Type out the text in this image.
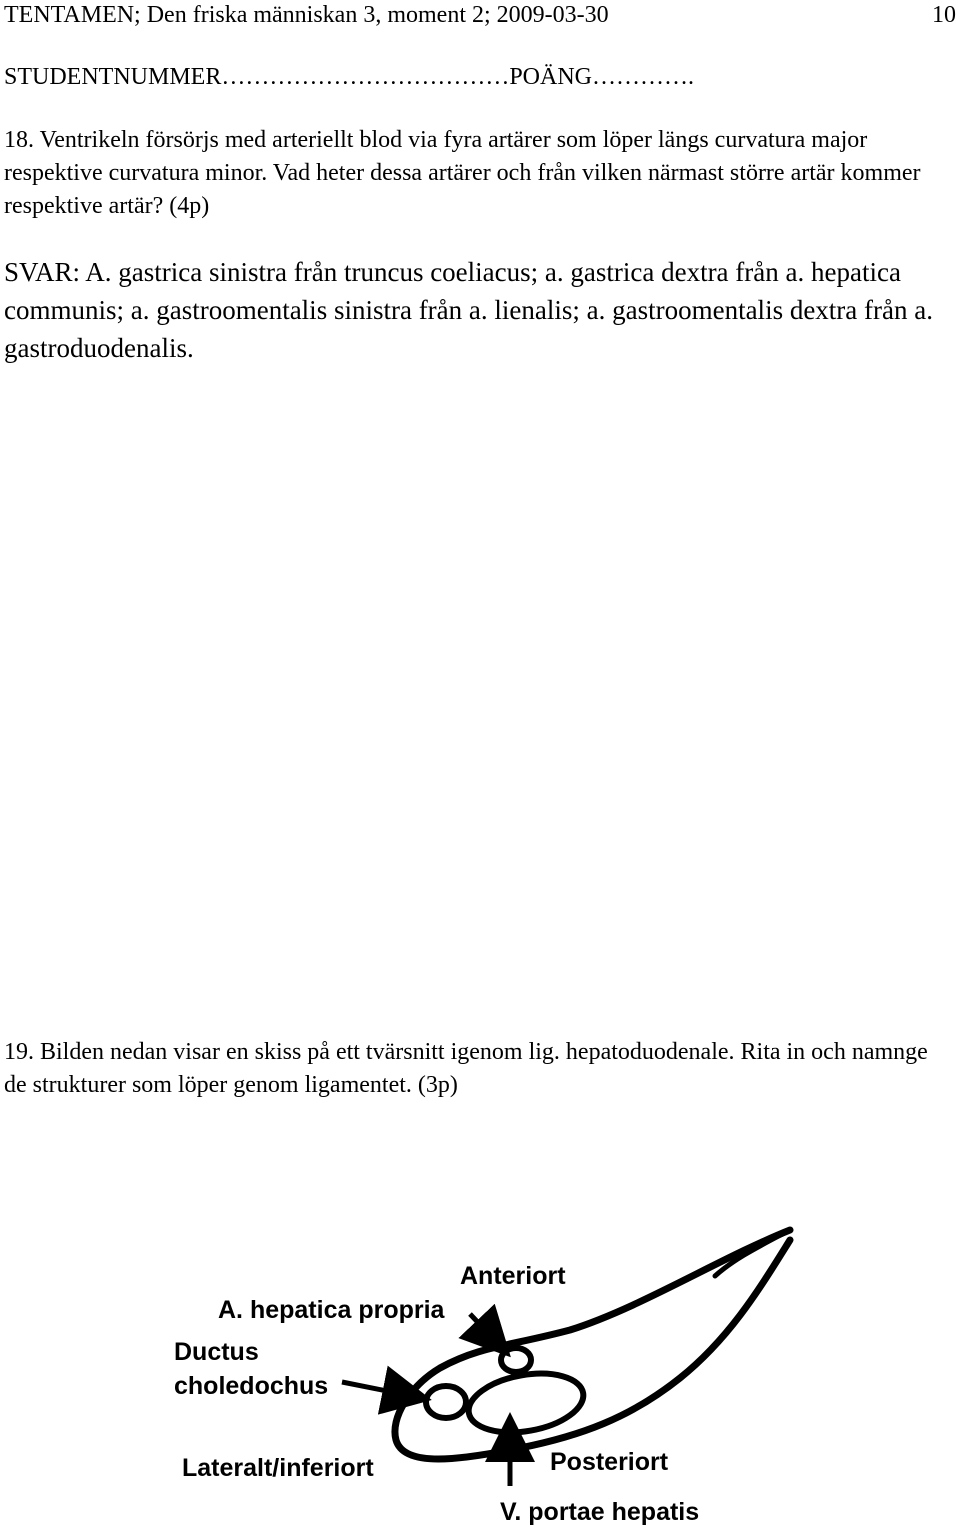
TENTAMEN; Den friska människan 3, moment 2; 2009-03-30	10
STUDENTNUMMER………………………………POÄNG………….
18. Ventrikeln försörjs med arteriellt blod via fyra artärer som löper längs curvatura major respektive curvatura minor. Vad heter dessa artärer och från vilken närmast större artär kommer respektive artär? (4p)
SVAR: A. gastrica sinistra från truncus coeliacus; a. gastrica dextra från a. hepatica communis; a. gastroomentalis sinistra från a. lienalis; a. gastroomentalis dextra från a. gastroduodenalis.
19. Bilden nedan visar en skiss på ett tvärsnitt igenom lig. hepatoduodenale. Rita in och namnge de strukturer som löper genom ligamentet. (3p)
Anteriort
A. hepatica propria
Ductus
choledochus
Lateralt/inferiort	Posteriort
V. portae hepatis
